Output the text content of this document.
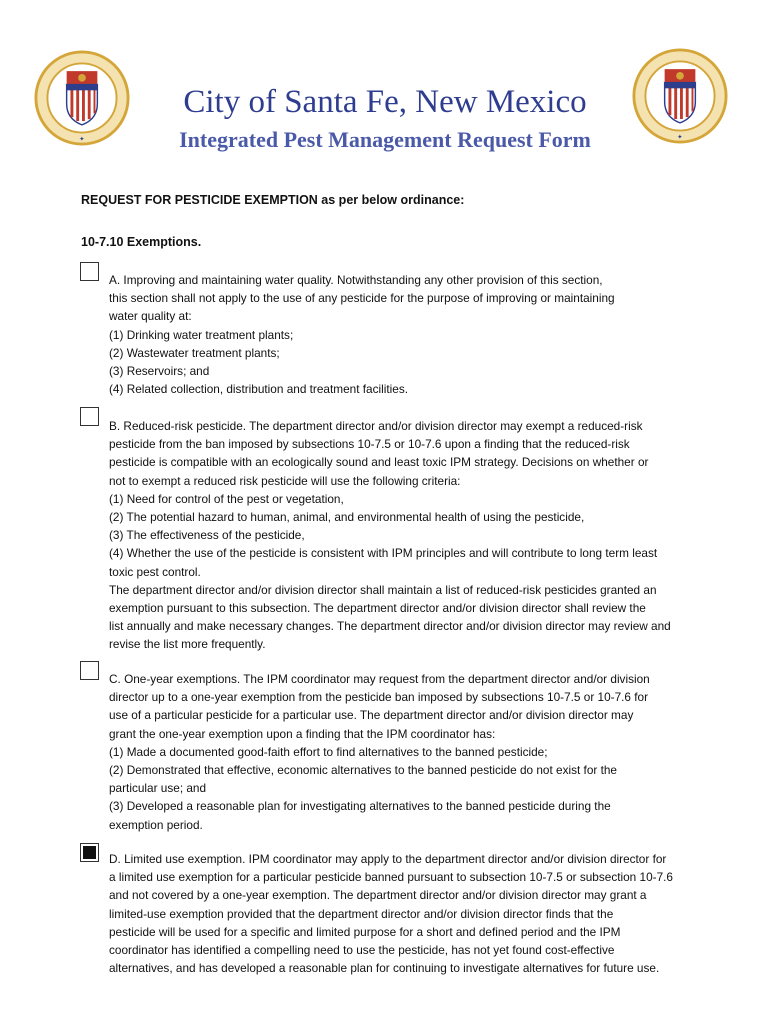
✦	✦
City of Santa Fe, New Mexico
Integrated Pest Management Request Form
REQUEST FOR PESTICIDE EXEMPTION as per below ordinance:
10-7.10 Exemptions.

A. Improving and maintaining water quality. Notwithstanding any other provision of this section,

this section shall not apply to the use of any pesticide for the purpose of improving or maintaining

water quality at:

(1) Drinking water treatment plants;

(2) Wastewater treatment plants;

(3) Reservoirs; and

(4) Related collection, distribution and treatment facilities.

B. Reduced-risk pesticide. The department director and/or division director may exempt a reduced-risk

pesticide from the ban imposed by subsections 10-7.5 or 10-7.6 upon a finding that the reduced-risk

pesticide is compatible with an ecologically sound and least toxic IPM strategy. Decisions on whether or

not to exempt a reduced risk pesticide will use the following criteria:

(1) Need for control of the pest or vegetation,

(2) The potential hazard to human, animal, and environmental health of using the pesticide,

(3) The effectiveness of the pesticide,

(4) Whether the use of the pesticide is consistent with IPM principles and will contribute to long term least

toxic pest control.

The department director and/or division director shall maintain a list of reduced-risk pesticides granted an

exemption pursuant to this subsection. The department director and/or division director shall review the

list annually and make necessary changes. The department director and/or division director may review and

revise the list more frequently.

C. One-year exemptions. The IPM coordinator may request from the department director and/or division

director up to a one-year exemption from the pesticide ban imposed by subsections 10-7.5 or 10-7.6 for

use of a particular pesticide for a particular use. The department director and/or division director may

grant the one-year exemption upon a finding that the IPM coordinator has:

(1) Made a documented good-faith effort to find alternatives to the banned pesticide;

(2) Demonstrated that effective, economic alternatives to the banned pesticide do not exist for the

particular use; and

(3) Developed a reasonable plan for investigating alternatives to the banned pesticide during the

exemption period.

D. Limited use exemption. IPM coordinator may apply to the department director and/or division director for

a limited use exemption for a particular pesticide banned pursuant to subsection 10-7.5 or subsection 10-7.6

and not covered by a one-year exemption. The department director and/or division director may grant a

limited-use exemption provided that the department director and/or division director finds that the

pesticide will be used for a specific and limited purpose for a short and defined period and the IPM

coordinator has identified a compelling need to use the pesticide, has not yet found cost-effective

alternatives, and has developed a reasonable plan for continuing to investigate alternatives for future use.
